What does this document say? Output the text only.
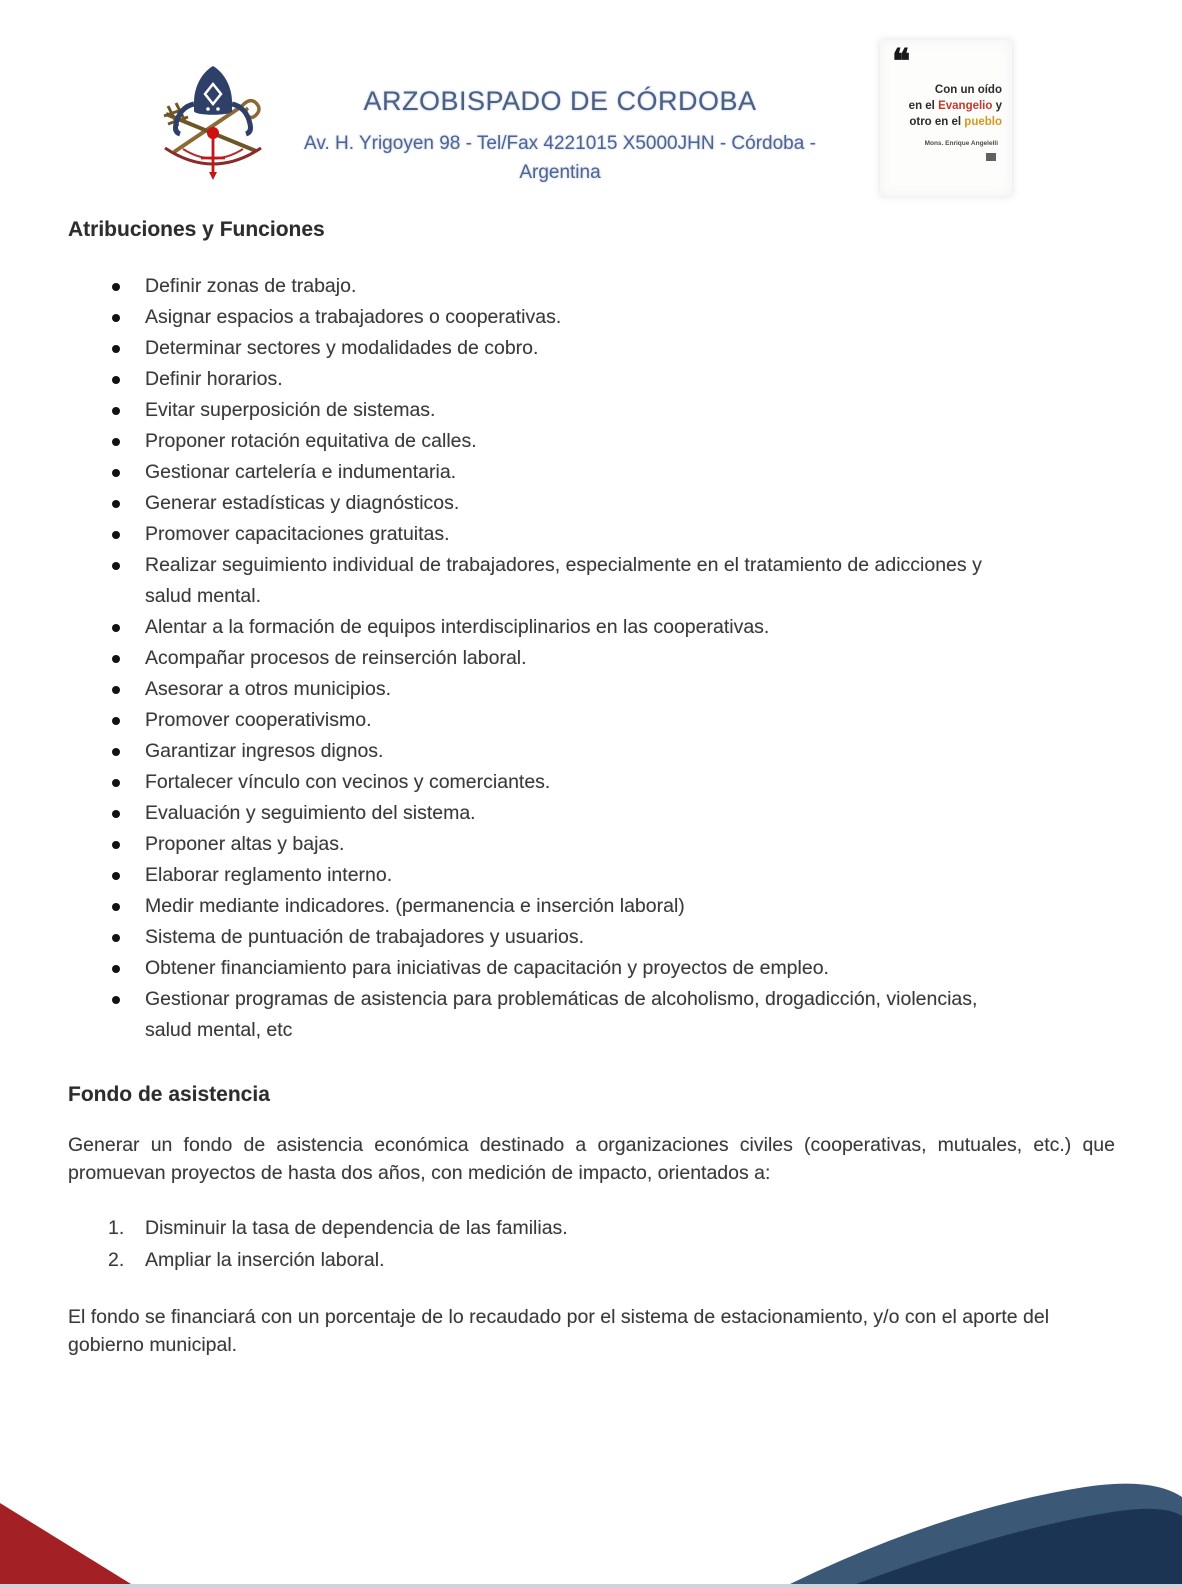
ARZOBISPADO DE CÓRDOBA
Av. H. Yrigoyen 98 - Tel/Fax 4221015 X5000JHN - Córdoba -
Argentina
❝
Con un oído
en el Evangelio y
otro en el pueblo
Mons. Enrique Angelelli
Atribuciones y Funciones
Definir zonas de trabajo.
Asignar espacios a trabajadores o cooperativas.
Determinar sectores y modalidades de cobro.
Definir horarios.
Evitar superposición de sistemas.
Proponer rotación equitativa de calles.
Gestionar cartelería e indumentaria.
Generar estadísticas y diagnósticos.
Promover capacitaciones gratuitas.
Realizar seguimiento individual de trabajadores, especialmente en el tratamiento de adicciones y salud mental.
Alentar a la formación de equipos interdisciplinarios en las cooperativas.
Acompañar procesos de reinserción laboral.
Asesorar a otros municipios.
Promover cooperativismo.
Garantizar ingresos dignos.
Fortalecer vínculo con vecinos y comerciantes.
Evaluación y seguimiento del sistema.
Proponer altas y bajas.
Elaborar reglamento interno.
Medir mediante indicadores. (permanencia e inserción laboral)
Sistema de puntuación de trabajadores y usuarios.
Obtener financiamiento para iniciativas de capacitación y proyectos de empleo.
Gestionar programas de asistencia para problemáticas de alcoholismo, drogadicción, violencias, salud mental, etc
Fondo de asistencia

Generar un fondo de asistencia económica destinado a organizaciones civiles (cooperativas, mutuales, etc.) que promuevan proyectos de hasta dos años, con medición de impacto, orientados a:

1. Disminuir la tasa de dependencia de las familias.
2. Ampliar la inserción laboral.

El fondo se financiará con un porcentaje de lo recaudado por el sistema de estacionamiento, y/o con el aporte del gobierno municipal.
